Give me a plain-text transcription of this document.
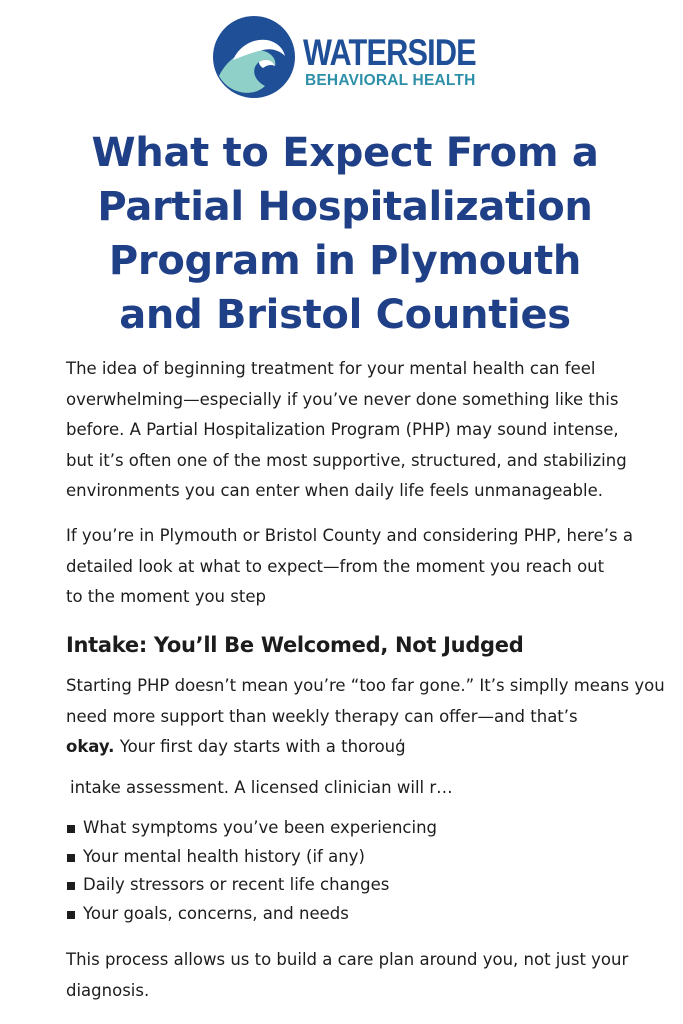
WATERSIDE
BEHAVIORAL HEALTH
What to Expect From a
Partial Hospitalization
Program in Plymouth
and Bristol Counties

The idea of beginning treatment for your mental health can feel
overwhelming—especially if you’ve never done something like this
before. A Partial Hospitalization Program (PHP) may sound intense,
but it’s often one of the most supportive, structured, and stabilizing
environments you can enter when daily life feels unmanageable.

If you’re in Plymouth or Bristol County and considering PHP, here’s a
detailed look at what to expect—from the moment you reach out
to the moment you step

Intake: You’ll Be Welcomed, Not Judged

Starting PHP doesn’t mean you’re “too far gone.” It’s simplly means you
need more support than weekly therapy can offer—and that’s
okay. Your first day starts with a thorouģ

intake assessment. A licensed clinician will r…

What symptoms you’ve been experiencing
Your mental health history (if any)
Daily stressors or recent life changes
Your goals, concerns, and needs

This process allows us to build a care plan around you, not just your
diagnosis.
